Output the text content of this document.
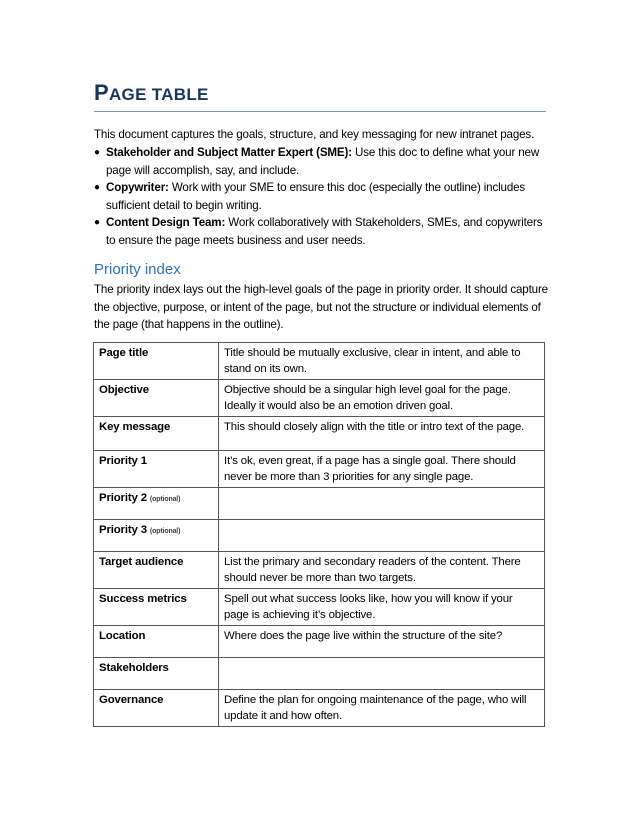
PAGE TABLE
This document captures the goals, structure, and key messaging for new intranet pages.
● Stakeholder and Subject Matter Expert (SME): Use this doc to define what your new page will accomplish, say, and include.
● Copywriter: Work with your SME to ensure this doc (especially the outline) includes sufficient detail to begin writing.
● Content Design Team: Work collaboratively with Stakeholders, SMEs, and copywriters to ensure the page meets business and user needs.
Priority index
The priority index lays out the high-level goals of the page in priority order. It should capture the objective, purpose, or intent of the page, but not the structure or individual elements of the page (that happens in the outline).
Page title	Title should be mutually exclusive, clear in intent, and able to stand on its own.
Objective	Objective should be a singular high level goal for the page. Ideally it would also be an emotion driven goal.
Key message	This should closely align with the title or intro text of the page.
Priority 1	It’s ok, even great, if a page has a single goal. There should never be more than 3 priorities for any single page.
Priority 2 (optional)	
Priority 3 (optional)	
Target audience	List the primary and secondary readers of the content. There should never be more than two targets.
Success metrics	Spell out what success looks like, how you will know if your page is achieving it’s objective.
Location	Where does the page live within the structure of the site?
Stakeholders	
Governance	Define the plan for ongoing maintenance of the page, who will update it and how often.
